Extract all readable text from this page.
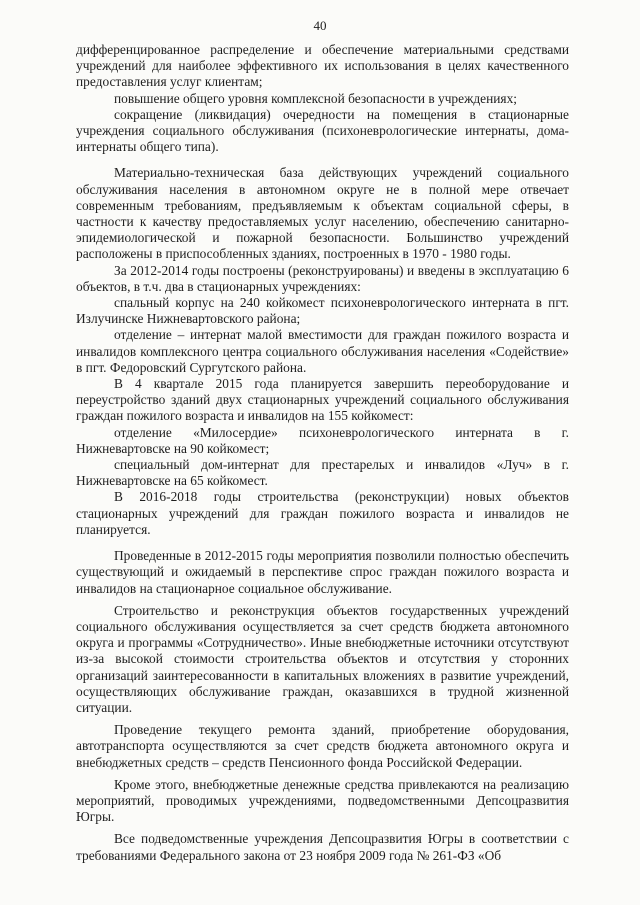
40

дифференцированное распределение и обеспечение материальными средствами учреждений для наиболее эффективного их использования в целях качественного предоставления услуг клиентам;

повышение общего уровня комплексной безопасности в учреждениях;

сокращение (ликвидация) очередности на помещения в стационарные учреждения социального обслуживания (психоневрологические интернаты, дома-интернаты общего типа).

Материально-техническая база действующих учреждений социального обслуживания населения в автономном округе не в полной мере отвечает современным требованиям, предъявляемым к объектам социальной сферы, в частности к качеству предоставляемых услуг населению, обеспечению санитарно-эпидемиологической и пожарной безопасности. Большинство учреждений расположены в приспособленных зданиях, построенных в 1970 - 1980 годы.

За 2012-2014 годы построены (реконструированы) и введены в эксплуатацию 6 объектов, в т.ч. два в стационарных учреждениях:

спальный корпус на 240 койкомест психоневрологического интерната в пгт. Излучинске Нижневартовского района;

отделение – интернат малой вместимости для граждан пожилого возраста и инвалидов комплексного центра социального обслуживания населения «Содействие» в пгт. Федоровский Сургутского района.

В 4 квартале 2015 года планируется завершить переоборудование и переустройство зданий двух стационарных учреждений социального обслуживания граждан пожилого возраста и инвалидов на 155 койкомест:

отделение «Милосердие» психоневрологического интерната в г. Нижневартовске на 90 койкомест;

специальный дом-интернат для престарелых и инвалидов «Луч» в г. Нижневартовске на 65 койкомест.

В 2016-2018 годы строительства (реконструкции) новых объектов стационарных учреждений для граждан пожилого возраста и инвалидов не планируется.

Проведенные в 2012-2015 годы мероприятия позволили полностью обеспечить существующий и ожидаемый в перспективе спрос граждан пожилого возраста и инвалидов на стационарное социальное обслуживание.

Строительство и реконструкция объектов государственных учреждений социального обслуживания осуществляется за счет средств бюджета автономного округа и программы «Сотрудничество». Иные внебюджетные источники отсутствуют из-за высокой стоимости строительства объектов и отсутствия у сторонних организаций заинтересованности в капитальных вложениях в развитие учреждений, осуществляющих обслуживание граждан, оказавшихся в трудной жизненной ситуации.

Проведение текущего ремонта зданий, приобретение оборудования, автотранспорта осуществляются за счет средств бюджета автономного округа и внебюджетных средств – средств Пенсионного фонда Российской Федерации.

Кроме этого, внебюджетные денежные средства привлекаются на реализацию мероприятий, проводимых учреждениями, подведомственными Депсоцразвития Югры.

Все подведомственные учреждения Депсоцразвития Югры в соответствии с требованиями Федерального закона от 23 ноября 2009 года № 261-ФЗ «Об
